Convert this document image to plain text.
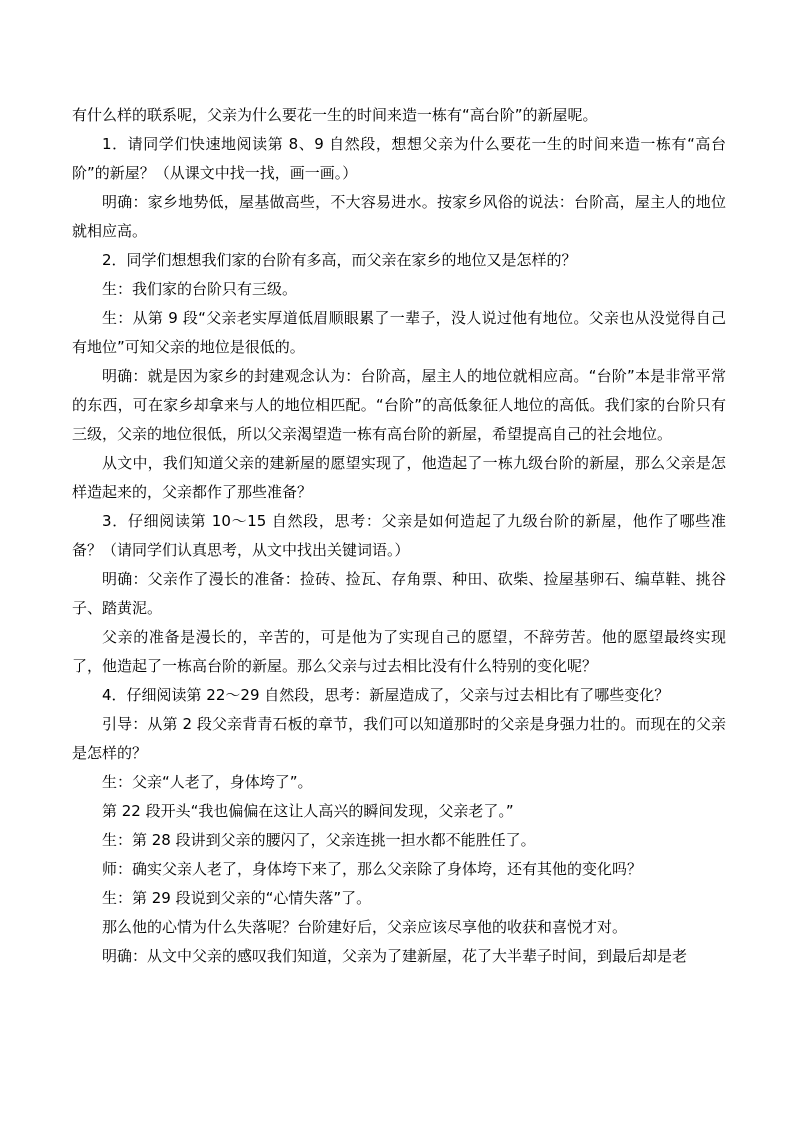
有什么样的联系呢，父亲为什么要花一生的时间来造一栋有“高台阶”的新屋呢。

1．请同学们快速地阅读第 8、9 自然段，想想父亲为什么要花一生的时间来造一栋有“高台阶”的新屋？（从课文中找一找，画一画。）

明确：家乡地势低，屋基做高些，不大容易进水。按家乡风俗的说法：台阶高，屋主人的地位就相应高。

2．同学们想想我们家的台阶有多高，而父亲在家乡的地位又是怎样的？

生：我们家的台阶只有三级。

生：从第 9 段“父亲老实厚道低眉顺眼累了一辈子，没人说过他有地位。父亲也从没觉得自己有地位”可知父亲的地位是很低的。

明确：就是因为家乡的封建观念认为：台阶高，屋主人的地位就相应高。“台阶”本是非常平常的东西，可在家乡却拿来与人的地位相匹配。“台阶”的高低象征人地位的高低。我们家的台阶只有三级，父亲的地位很低，所以父亲渴望造一栋有高台阶的新屋，希望提高自己的社会地位。

从文中，我们知道父亲的建新屋的愿望实现了，他造起了一栋九级台阶的新屋，那么父亲是怎样造起来的，父亲都作了那些准备？

3．仔细阅读第 10～15 自然段，思考：父亲是如何造起了九级台阶的新屋，他作了哪些准备？（请同学们认真思考，从文中找出关键词语。）

明确：父亲作了漫长的准备：捡砖、捡瓦、存角票、种田、砍柴、捡屋基卵石、编草鞋、挑谷子、踏黄泥。

父亲的准备是漫长的，辛苦的，可是他为了实现自己的愿望，不辞劳苦。他的愿望最终实现了，他造起了一栋高台阶的新屋。那么父亲与过去相比没有什么特别的变化呢？

4．仔细阅读第 22～29 自然段，思考：新屋造成了，父亲与过去相比有了哪些变化？

引导：从第 2 段父亲背青石板的章节，我们可以知道那时的父亲是身强力壮的。而现在的父亲是怎样的？

生：父亲“人老了，身体垮了”。

第 22 段开头“我也偏偏在这让人高兴的瞬间发现，父亲老了。”

生：第 28 段讲到父亲的腰闪了，父亲连挑一担水都不能胜任了。

师：确实父亲人老了，身体垮下来了，那么父亲除了身体垮，还有其他的变化吗？

生：第 29 段说到父亲的“心情失落”了。

那么他的心情为什么失落呢？台阶建好后，父亲应该尽享他的收获和喜悦才对。

明确：从文中父亲的感叹我们知道，父亲为了建新屋，花了大半辈子时间，到最后却是老
